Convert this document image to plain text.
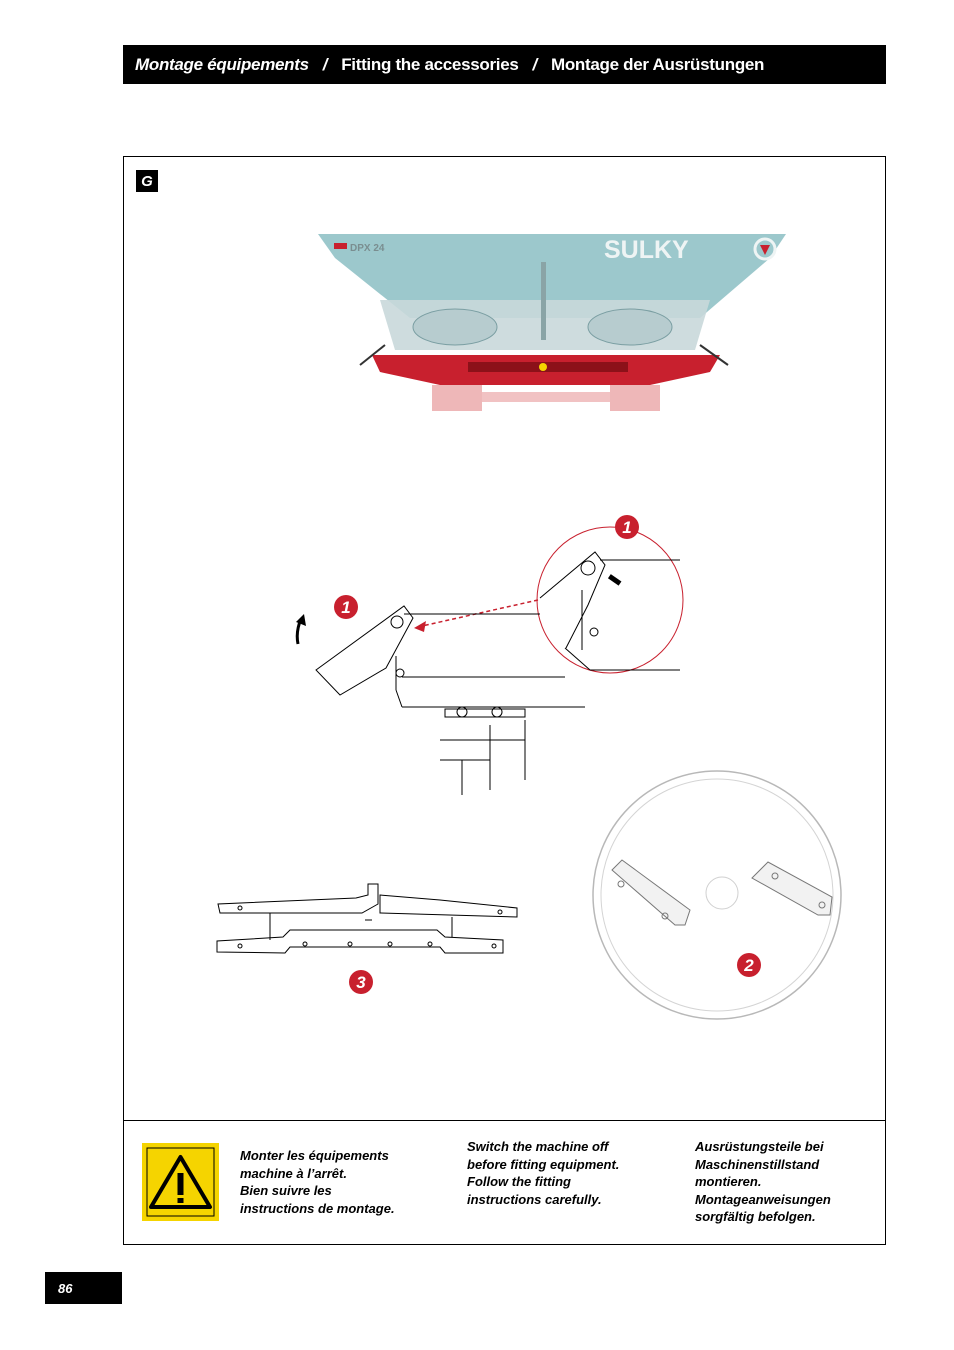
Montage équipements / Fitting the accessories / Montage der Ausrüstungen
G
DPX 24	SULKY
1
1
2
3
Monter les équipements
machine à l’arrêt.
Bien suivre les
instructions de montage.
Switch the machine off
before fitting equipment.
Follow the fitting
instructions carefully.
Ausrüstungsteile bei
Maschinenstillstand
montieren.
Montageanweisungen
sorgfältig befolgen.
86
